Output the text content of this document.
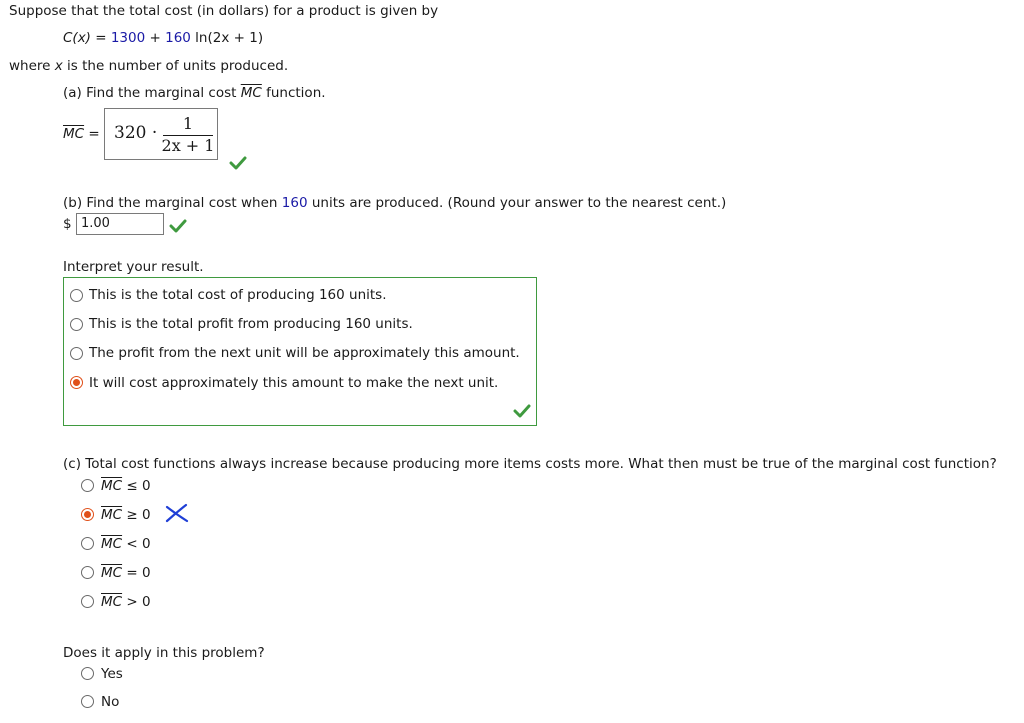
Suppose that the total cost (in dollars) for a product is given by
C(x) = 1300 + 160 ln(2x + 1)
where x is the number of units produced.
(a) Find the marginal cost $\overline{MC}$ function.
$\overline{MC} = 320$ ·	1
2x + 1
(b) Find the marginal cost when 160 units are produced. (Round your answer to the nearest cent.)
$ 1.00
Interpret your result.
This is the total cost of producing 160 units.
This is the total profit from producing 160 units.
The profit from the next unit will be approximately this amount.
It will cost approximately this amount to make the next unit.
(c) Total cost functions always increase because producing more items costs more. What then must be true of the marginal cost function?
$\overline{MC} \le 0$
$\overline{MC} \ge 0$
$\overline{MC} < 0$
$\overline{MC} = 0$
$\overline{MC} > 0$
Does it apply in this problem?
Yes
No
